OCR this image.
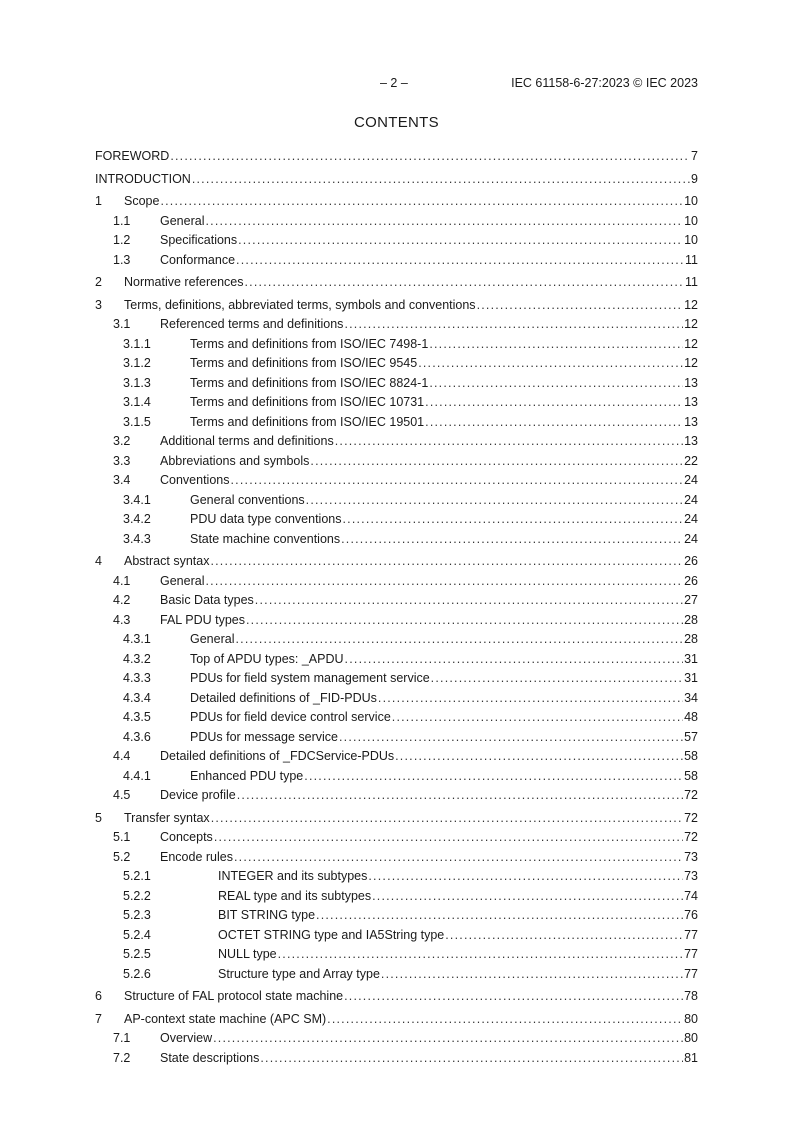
– 2 –	IEC 61158-6-27:2023 © IEC 2023
CONTENTS
FOREWORD .....	7
INTRODUCTION .....	9
1 Scope .....	10
1.1 General .....	10
1.2 Specifications .....	10
1.3 Conformance .....	11
2 Normative references .....	11
3 Terms, definitions, abbreviated terms, symbols and conventions .....	12
3.1 Referenced terms and definitions .....	12
3.1.1	Terms and definitions from ISO/IEC 7498-1 .....	12
3.1.2	Terms and definitions from ISO/IEC 9545 .....	12
3.1.3	Terms and definitions from ISO/IEC 8824-1 .....	13
3.1.4	Terms and definitions from ISO/IEC 10731 .....	13
3.1.5	Terms and definitions from ISO/IEC 19501 .....	13
3.2 Additional terms and definitions .....	13
3.3 Abbreviations and symbols .....	22
3.4 Conventions .....	24
3.4.1	General conventions .....	24
3.4.2	PDU data type conventions .....	24
3.4.3	State machine conventions .....	24
4 Abstract syntax .....	26
4.1 General .....	26
4.2 Basic Data types .....	27
4.3 FAL PDU types .....	28
4.3.1	General .....	28
4.3.2	Top of APDU types: _APDU .....	31
4.3.3	PDUs for field system management service .....	31
4.3.4	Detailed definitions of _FID-PDUs .....	34
4.3.5	PDUs for field device control service .....	48
4.3.6	PDUs for message service .....	57
4.4 Detailed definitions of _FDCService-PDUs .....	58
4.4.1	Enhanced PDU type .....	58
4.5 Device profile .....	72
5 Transfer syntax .....	72
5.1 Concepts .....	72
5.2 Encode rules .....	73
5.2.1	INTEGER and its subtypes .....	73
5.2.2	REAL type and its subtypes .....	74
5.2.3	BIT STRING type .....	76
5.2.4	OCTET STRING type and IA5String type .....	77
5.2.5	NULL type .....	77
5.2.6	Structure type and Array type .....	77
6 Structure of FAL protocol state machine .....	78
7 AP-context state machine (APC SM) .....	80
7.1 Overview .....	80
7.2 State descriptions .....	81
